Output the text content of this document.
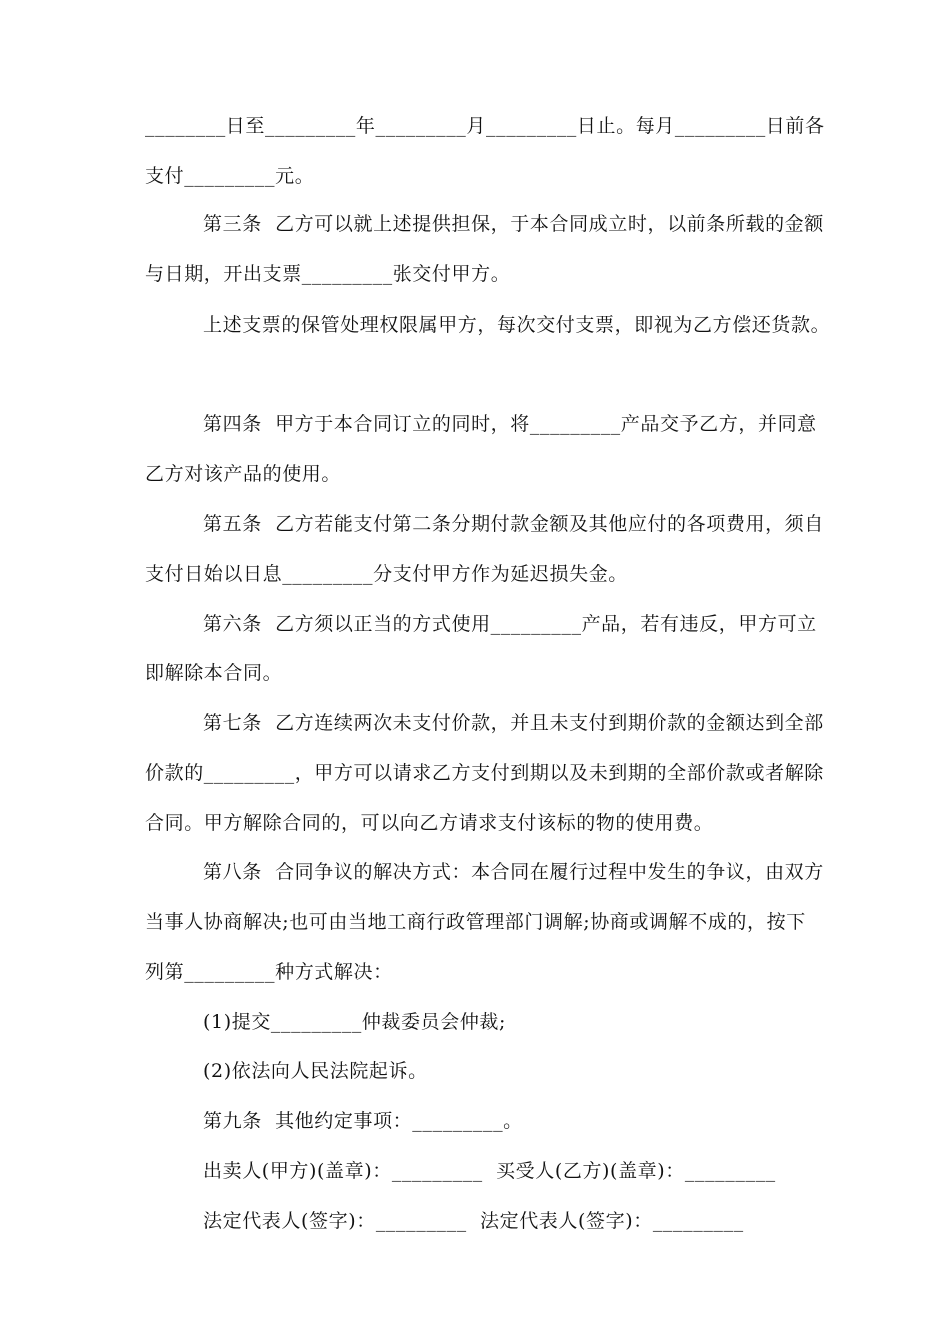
________日至_________年_________月_________日止。每月_________日前各
支付_________元。
第三条  乙方可以就上述提供担保，于本合同成立时，以前条所载的金额
与日期，开出支票_________张交付甲方。
上述支票的保管处理权限属甲方，每次交付支票，即视为乙方偿还货款。
第四条  甲方于本合同订立的同时，将_________产品交予乙方，并同意
乙方对该产品的使用。
第五条  乙方若能支付第二条分期付款金额及其他应付的各项费用，须自
支付日始以日息_________分支付甲方作为延迟损失金。
第六条  乙方须以正当的方式使用_________产品，若有违反，甲方可立
即解除本合同。
第七条  乙方连续两次未支付价款，并且未支付到期价款的金额达到全部
价款的_________，甲方可以请求乙方支付到期以及未到期的全部价款或者解除
合同。甲方解除合同的，可以向乙方请求支付该标的物的使用费。
第八条  合同争议的解决方式：本合同在履行过程中发生的争议，由双方
当事人协商解决;也可由当地工商行政管理部门调解;协商或调解不成的，按下
列第_________种方式解决：
(1)提交_________仲裁委员会仲裁;
(2)依法向人民法院起诉。
第九条  其他约定事项：_________。
出卖人(甲方)(盖章)：_________  买受人(乙方)(盖章)：_________
法定代表人(签字)：_________  法定代表人(签字)：_________
